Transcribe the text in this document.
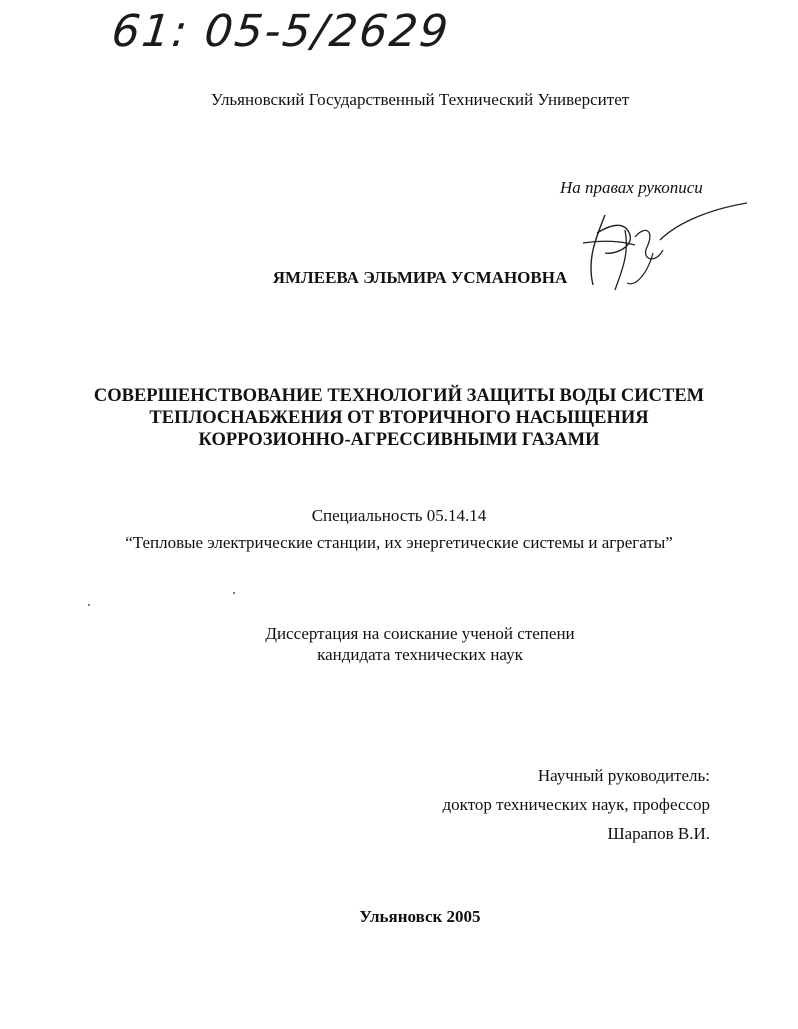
61: 05-5/2629
Ульяновский Государственный Технический Университет
На правах рукописи
ЯМЛЕЕВА ЭЛЬМИРА УСМАНОВНА
СОВЕРШЕНСТВОВАНИЕ ТЕХНОЛОГИЙ ЗАЩИТЫ ВОДЫ СИСТЕМ
ТЕПЛОСНАБЖЕНИЯ ОТ ВТОРИЧНОГО НАСЫЩЕНИЯ
КОРРОЗИОННО-АГРЕССИВНЫМИ ГАЗАМИ
Специальность 05.14.14
“Тепловые электрические станции, их энергетические системы и агрегаты”
Диссертация на соискание ученой степени
кандидата технических наук
Научный руководитель:
доктор технических наук, профессор
Шарапов В.И.
Ульяновск 2005
